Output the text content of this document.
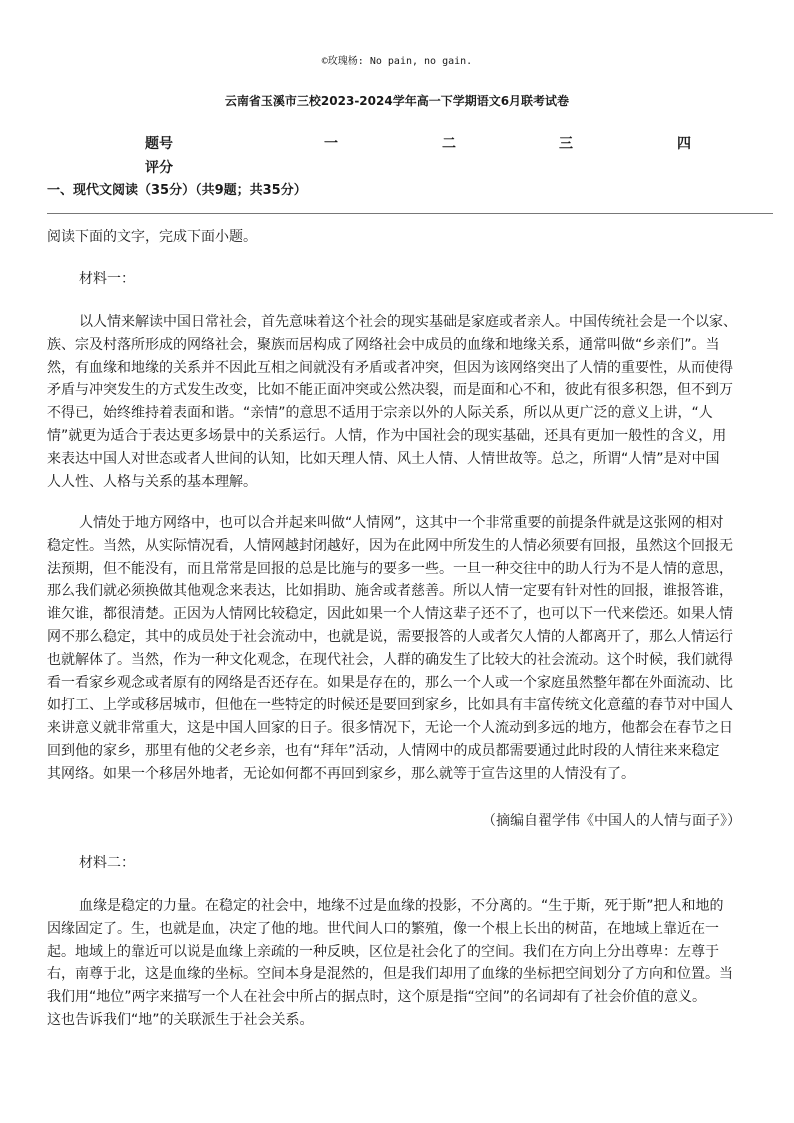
©玫瑰杨: No pain, no gain.
云南省玉溪市三校2023-2024学年高一下学期语文6月联考试卷
题号	一	二	三	四
评分
一、现代文阅读（35分）（共9题；共35分）
阅读下面的文字，完成下面小题。
材料一：
以人情来解读中国日常社会，首先意味着这个社会的现实基础是家庭或者亲人。中国传统社会是一个以家、
族、宗及村落所形成的网络社会，聚族而居构成了网络社会中成员的血缘和地缘关系，通常叫做“乡亲们”。当
然，有血缘和地缘的关系并不因此互相之间就没有矛盾或者冲突，但因为该网络突出了人情的重要性，从而使得
矛盾与冲突发生的方式发生改变，比如不能正面冲突或公然决裂，而是面和心不和，彼此有很多积怨，但不到万
不得已，始终维持着表面和谐。“亲情”的意思不适用于宗亲以外的人际关系，所以从更广泛的意义上讲，“人
情”就更为适合于表达更多场景中的关系运行。人情，作为中国社会的现实基础，还具有更加一般性的含义，用
来表达中国人对世态或者人世间的认知，比如天理人情、风土人情、人情世故等。总之，所谓“人情”是对中国
人人性、人格与关系的基本理解。
人情处于地方网络中，也可以合并起来叫做“人情网”，这其中一个非常重要的前提条件就是这张网的相对
稳定性。当然，从实际情况看，人情网越封闭越好，因为在此网中所发生的人情必须要有回报，虽然这个回报无
法预期，但不能没有，而且常常是回报的总是比施与的要多一些。一旦一种交往中的助人行为不是人情的意思，
那么我们就必须换做其他观念来表达，比如捐助、施舍或者慈善。所以人情一定要有针对性的回报，谁报答谁，
谁欠谁，都很清楚。正因为人情网比较稳定，因此如果一个人情这辈子还不了，也可以下一代来偿还。如果人情
网不那么稳定，其中的成员处于社会流动中，也就是说，需要报答的人或者欠人情的人都离开了，那么人情运行
也就解体了。当然，作为一种文化观念，在现代社会，人群的确发生了比较大的社会流动。这个时候，我们就得
看一看家乡观念或者原有的网络是否还存在。如果是存在的，那么一个人或一个家庭虽然整年都在外面流动、比
如打工、上学或移居城市，但他在一些特定的时候还是要回到家乡，比如具有丰富传统文化意蕴的春节对中国人
来讲意义就非常重大，这是中国人回家的日子。很多情况下，无论一个人流动到多远的地方，他都会在春节之日
回到他的家乡，那里有他的父老乡亲，也有“拜年”活动，人情网中的成员都需要通过此时段的人情往来来稳定
其网络。如果一个移居外地者，无论如何都不再回到家乡，那么就等于宣告这里的人情没有了。
（摘编自翟学伟《中国人的人情与面子》）
材料二：
血缘是稳定的力量。在稳定的社会中，地缘不过是血缘的投影，不分离的。“生于斯，死于斯”把人和地的
因缘固定了。生，也就是血，决定了他的地。世代间人口的繁殖，像一个根上长出的树苗，在地域上靠近在一
起。地域上的靠近可以说是血缘上亲疏的一种反映，区位是社会化了的空间。我们在方向上分出尊卑：左尊于
右，南尊于北，这是血缘的坐标。空间本身是混然的，但是我们却用了血缘的坐标把空间划分了方向和位置。当
我们用“地位”两字来描写一个人在社会中所占的据点时，这个原是指“空间”的名词却有了社会价值的意义。
这也告诉我们“地”的关联派生于社会关系。
